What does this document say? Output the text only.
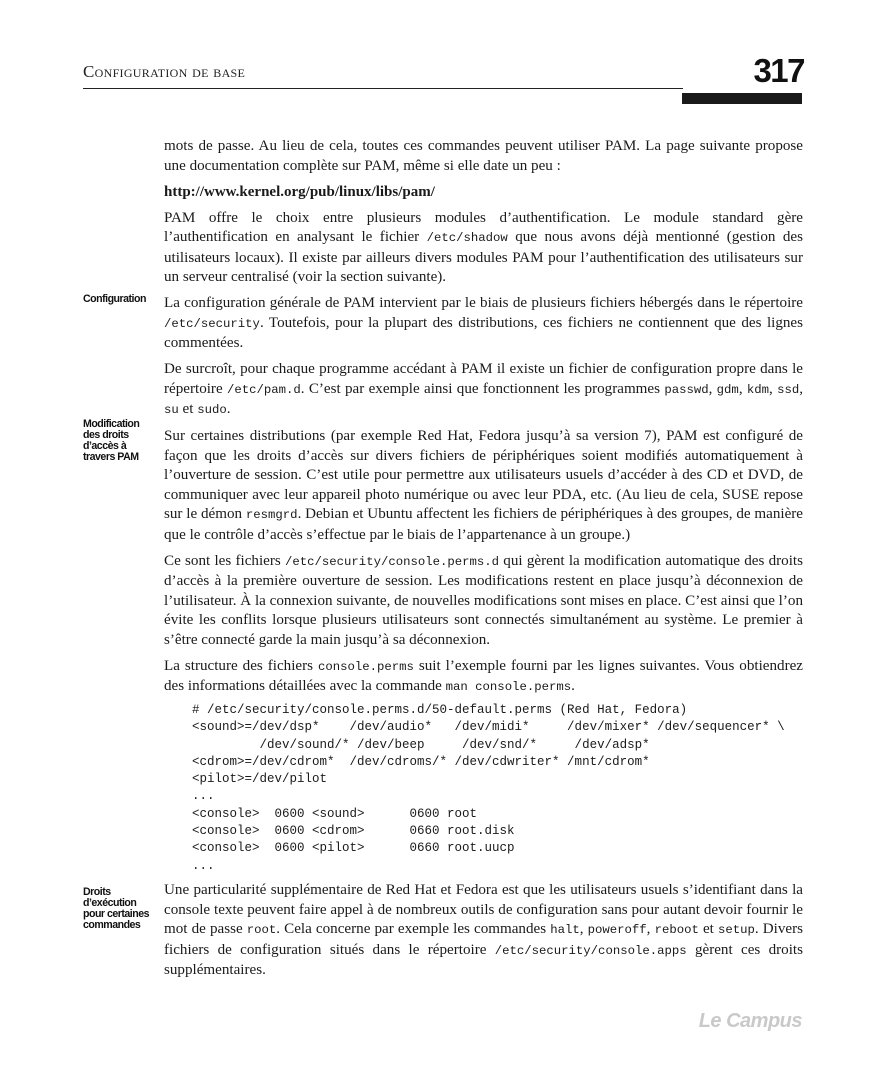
Configuration de base	317

mots de passe. Au lieu de cela, toutes ces commandes peuvent utiliser PAM. La page suivante propose une documentation complète sur PAM, même si elle date un peu :

http://www.kernel.org/pub/linux/libs/pam/

PAM offre le choix entre plusieurs modules d’authentification. Le module standard gère l’authentification en analysant le fichier /etc/shadow que nous avons déjà mentionné (gestion des utilisateurs locaux). Il existe par ailleurs divers modules PAM pour l’authentification des utilisateurs sur un serveur centralisé (voir la section suivante).

La configuration générale de PAM intervient par le biais de plusieurs fichiers hébergés dans le répertoire /etc/security. Toutefois, pour la plupart des distributions, ces fichiers ne contiennent que des lignes commentées.

De surcroît, pour chaque programme accédant à PAM il existe un fichier de configuration propre dans le répertoire /etc/pam.d. C’est par exemple ainsi que fonctionnent les programmes passwd, gdm, kdm, ssd, su et sudo.

Sur certaines distributions (par exemple Red Hat, Fedora jusqu’à sa version 7), PAM est configuré de façon que les droits d’accès sur divers fichiers de périphériques soient modifiés automatiquement à l’ouverture de session. C’est utile pour permettre aux utilisateurs usuels d’accéder à des CD et DVD, de communiquer avec leur appareil photo numérique ou avec leur PDA, etc. (Au lieu de cela, SUSE repose sur le démon resmgrd. Debian et Ubuntu affectent les fichiers de périphériques à des groupes, de manière que le contrôle d’accès s’effectue par le biais de l’appartenance à un groupe.)

Ce sont les fichiers /etc/security/console.perms.d qui gèrent la modification automatique des droits d’accès à la première ouverture de session. Les modifications restent en place jusqu’à déconnexion de l’utilisateur. À la connexion suivante, de nouvelles modifications sont mises en place. C’est ainsi que l’on évite les conflits lorsque plusieurs utilisateurs sont connectés simultanément au système. Le premier à s’être connecté garde la main jusqu’à sa déconnexion.

La structure des fichiers console.perms suit l’exemple fourni par les lignes suivantes. Vous obtiendrez des informations détaillées avec la commande man console.perms.

# /etc/security/console.perms.d/50-default.perms (Red Hat, Fedora)
<sound>=/dev/dsp*    /dev/audio*   /dev/midi*     /dev/mixer* /dev/sequencer* \
/dev/sound/* /dev/beep     /dev/snd/*     /dev/adsp*
<cdrom>=/dev/cdrom*  /dev/cdroms/* /dev/cdwriter* /mnt/cdrom*
<pilot>=/dev/pilot
...
<console>  0600 <sound>      0600 root
<console>  0600 <cdrom>      0660 root.disk
<console>  0600 <pilot>      0660 root.uucp
...

Une particularité supplémentaire de Red Hat et Fedora est que les utilisateurs usuels s’identifiant dans la console texte peuvent faire appel à de nombreux outils de configuration sans pour autant devoir fournir le mot de passe root. Cela concerne par exemple les commandes halt, poweroff, reboot et setup. Divers fichiers de configuration situés dans le répertoire /etc/security/console.apps gèrent ces droits supplémentaires.

Configuration
Modification
des droits
d’accès à
travers PAM
Droits
d’exécution
pour certaines
commandes
Le Campus
